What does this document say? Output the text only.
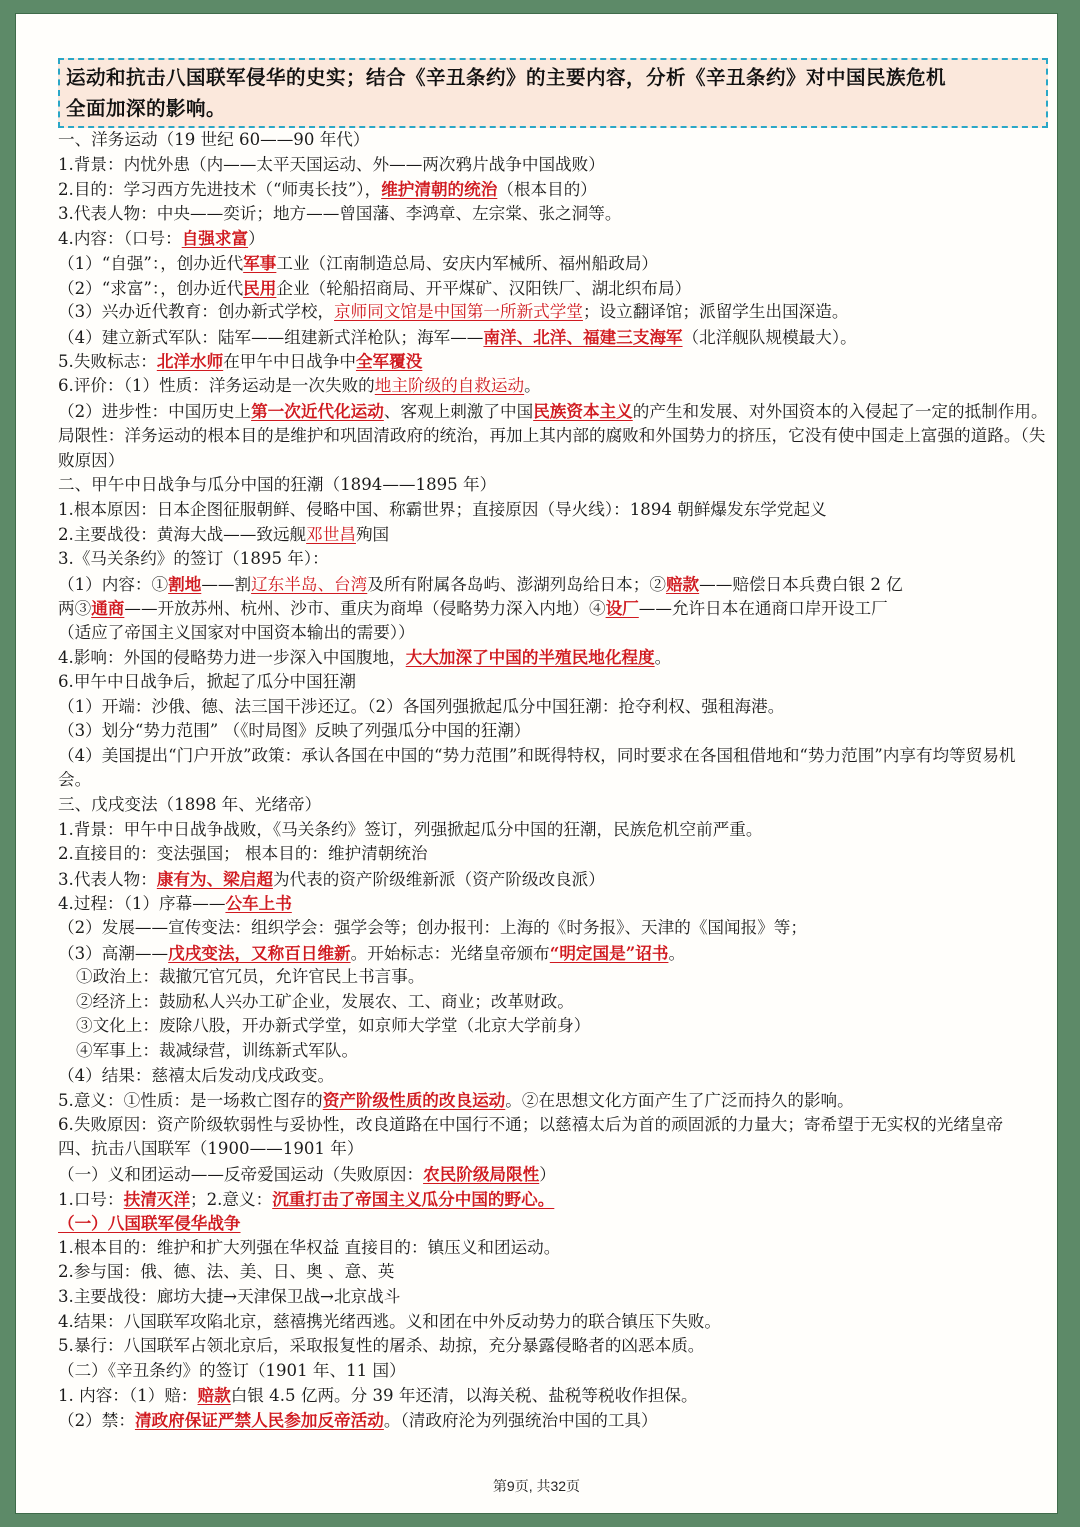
运动和抗击八国联军侵华的史实；结合《辛丑条约》的主要内容，分析《辛丑条约》对中国民族危机
全面加深的影响。
一、洋务运动（19 世纪 60——90 年代）
1.背景：内忧外患（内——太平天国运动、外——两次鸦片战争中国战败）
2.目的：学习西方先进技术（“师夷长技”），维护清朝的统治（根本目的）
3.代表人物：中央——奕䜣；地方——曾国藩、李鸿章、左宗棠、张之洞等。
4.内容：（口号：自强求富）
（1）“自强”：，创办近代军事工业（江南制造总局、安庆内军械所、福州船政局）
（2）“求富”：，创办近代民用企业（轮船招商局、开平煤矿、汉阳铁厂、湖北织布局）
（3）兴办近代教育：创办新式学校，京师同文馆是中国第一所新式学堂；设立翻译馆；派留学生出国深造。
（4）建立新式军队：陆军——组建新式洋枪队；海军——南洋、北洋、福建三支海军（北洋舰队规模最大）。
5.失败标志：北洋水师在甲午中日战争中全军覆没
6.评价：（1）性质：洋务运动是一次失败的地主阶级的自救运动。
（2）进步性：中国历史上第一次近代化运动、客观上刺激了中国民族资本主义的产生和发展、对外国资本的入侵起了一定的抵制作用。局限性：洋务运动的根本目的是维护和巩固清政府的统治，再加上其内部的腐败和外国势力的挤压，它没有使中国走上富强的道路。（失败原因）
二、甲午中日战争与瓜分中国的狂潮（1894——1895 年）
1.根本原因：日本企图征服朝鲜、侵略中国、称霸世界；直接原因（导火线）：1894 朝鲜爆发东学党起义
2.主要战役：黄海大战——致远舰邓世昌殉国
3.《马关条约》的签订（1895 年）：
（1）内容：①割地——割辽东半岛、台湾及所有附属各岛屿、澎湖列岛给日本；②赔款——赔偿日本兵费白银 2 亿
两③通商——开放苏州、杭州、沙市、重庆为商埠（侵略势力深入内地）④设厂——允许日本在通商口岸开设工厂
（适应了帝国主义国家对中国资本输出的需要））
4.影响：外国的侵略势力进一步深入中国腹地，大大加深了中国的半殖民地化程度。
6.甲午中日战争后，掀起了瓜分中国狂潮
（1）开端：沙俄、德、法三国干涉还辽。（2）各国列强掀起瓜分中国狂潮：抢夺利权、强租海港。
（3）划分“势力范围” （《时局图》反映了列强瓜分中国的狂潮）
（4）美国提出“门户开放”政策：承认各国在中国的“势力范围”和既得特权，同时要求在各国租借地和“势力范围”内享有均等贸易机会。
三、戊戌变法（1898 年、光绪帝）
1.背景：甲午中日战争战败，《马关条约》签订，列强掀起瓜分中国的狂潮，民族危机空前严重。
2.直接目的：变法强国； 根本目的：维护清朝统治
3.代表人物：康有为、梁启超为代表的资产阶级维新派（资产阶级改良派）
4.过程：（1）序幕——公车上书
（2）发展——宣传变法：组织学会：强学会等；创办报刊：上海的《时务报》、天津的《国闻报》等；
（3）高潮——戊戌变法，又称百日维新。开始标志：光绪皇帝颁布“明定国是”诏书。
①政治上：裁撤冗官冗员，允许官民上书言事。
②经济上：鼓励私人兴办工矿企业，发展农、工、商业；改革财政。
③文化上：废除八股，开办新式学堂，如京师大学堂（北京大学前身）
④军事上：裁减绿营，训练新式军队。
（4）结果：慈禧太后发动戊戌政变。
5.意义：①性质：是一场救亡图存的资产阶级性质的改良运动。②在思想文化方面产生了广泛而持久的影响。
6.失败原因：资产阶级软弱性与妥协性，改良道路在中国行不通；以慈禧太后为首的顽固派的力量大；寄希望于无实权的光绪皇帝
四、抗击八国联军（1900——1901 年）
（一）义和团运动——反帝爱国运动（失败原因：农民阶级局限性）
1.口号：扶清灭洋；2.意义：沉重打击了帝国主义瓜分中国的野心。
（一）八国联军侵华战争
1.根本目的：维护和扩大列强在华权益 直接目的：镇压义和团运动。
2.参与国：俄、德、法、美、日、奥 、意、英
3.主要战役：廊坊大捷→天津保卫战→北京战斗
4.结果：八国联军攻陷北京，慈禧携光绪西逃。义和团在中外反动势力的联合镇压下失败。
5.暴行：八国联军占领北京后，采取报复性的屠杀、劫掠，充分暴露侵略者的凶恶本质。
（二）《辛丑条约》的签订（1901 年、11 国）
1. 内容：（1）赔：赔款白银 4.5 亿两。分 39 年还清，以海关税、盐税等税收作担保。
（2）禁：清政府保证严禁人民参加反帝活动。（清政府沦为列强统治中国的工具）
第9页, 共32页
